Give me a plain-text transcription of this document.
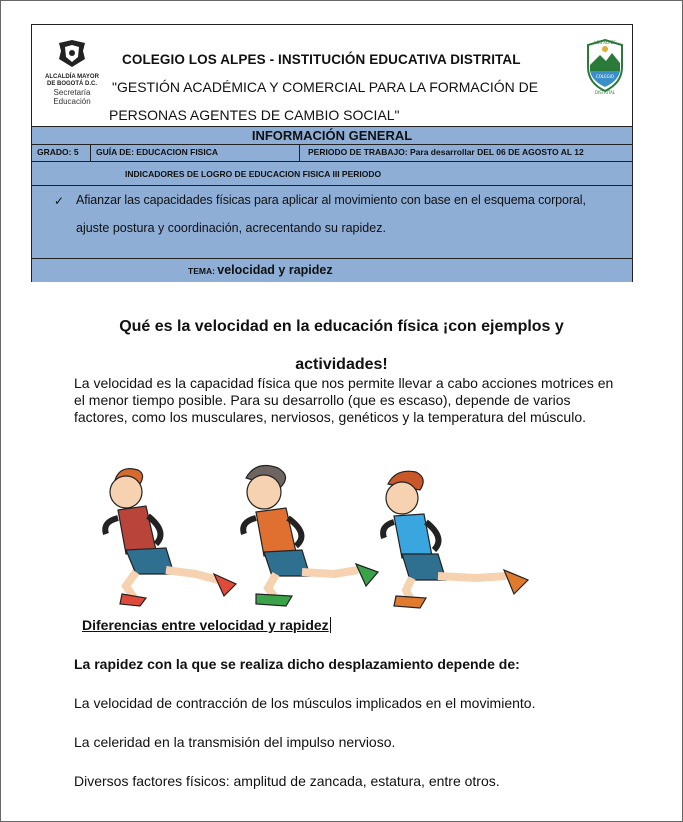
ALCALDÍA MAYOR
DE BOGOTÁ D.C.
Secretaría
Educación
COLEGIO LOS ALPES - INSTITUCIÓN EDUCATIVA DISTRITAL
"GESTIÓN ACADÉMICA Y COMERCIAL PARA LA FORMACIÓN DE
PERSONAS AGENTES DE CAMBIO SOCIAL"
LOS ALPES
COLEGIO
DISTRITAL
INFORMACIÓN GENERAL
GRADO: 5	GUÍA DE: EDUCACION FISICA	PERIODO DE TRABAJO: Para desarrollar DEL 06 DE AGOSTO AL 12
INDICADORES DE LOGRO DE EDUCACION FISICA III PERIODO
✓ Afianzar las capacidades físicas para aplicar al movimiento con base en el esquema corporal,
ajuste postura y coordinación, acrecentando su rapidez.
TEMA: velocidad y rapidez
Qué es la velocidad en la educación física ¡con ejemplos y
actividades!
La velocidad es la capacidad física que nos permite llevar a cabo acciones motrices en el menor tiempo posible. Para su desarrollo (que es escaso), depende de varios factores, como los musculares, nerviosos, genéticos y la temperatura del músculo.
Diferencias entre velocidad y rapidez
La rapidez con la que se realiza dicho desplazamiento depende de:
La velocidad de contracción de los músculos implicados en el movimiento.
La celeridad en la transmisión del impulso nervioso.
Diversos factores físicos: amplitud de zancada, estatura, entre otros.
